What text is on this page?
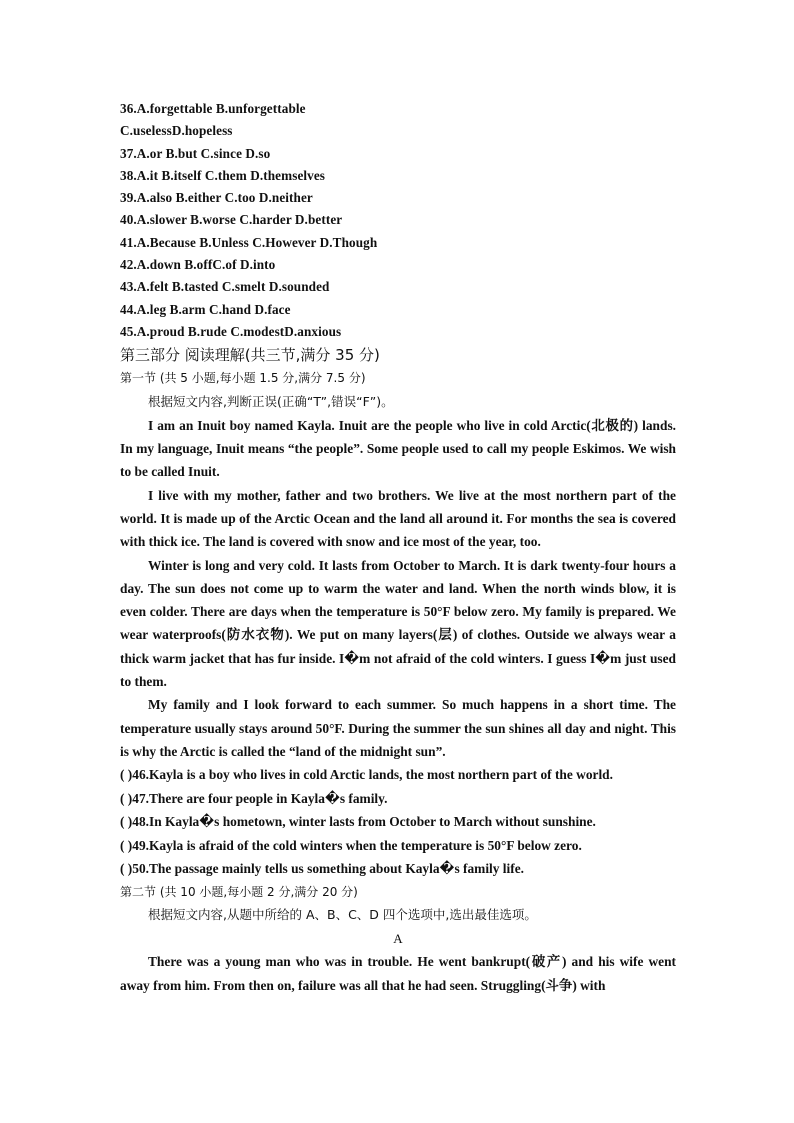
36.A.forgettable B.unforgettable
C.uselessD.hopeless
37.A.or B.but C.since D.so
38.A.it B.itself C.them D.themselves
39.A.also B.either C.too D.neither
40.A.slower B.worse C.harder D.better
41.A.Because B.Unless C.However D.Though
42.A.down B.offC.of D.into
43.A.felt B.tasted C.smelt D.sounded
44.A.leg B.arm C.hand D.face
45.A.proud B.rude C.modestD.anxious
第三部分 阅读理解(共三节,满分 35 分)
第一节 (共 5 小题,每小题 1.5 分,满分 7.5 分)
根据短文内容,判断正误(正确“T”,错误“F”)。

I am an Inuit boy named Kayla. Inuit are the people who live in cold Arctic(北极的) lands. In my language, Inuit means “the people”. Some people used to call my people Eskimos. We wish to be called Inuit.

I live with my mother, father and two brothers. We live at the most northern part of the world. It is made up of the Arctic Ocean and the land all around it. For months the sea is covered with thick ice. The land is covered with snow and ice most of the year, too.

Winter is long and very cold. It lasts from October to March. It is dark twenty-four hours a day. The sun does not come up to warm the water and land. When the north winds blow, it is even colder. There are days when the temperature is 50°F below zero. My family is prepared. We wear waterproofs(防水衣物). We put on many layers(层) of clothes. Outside we always wear a thick warm jacket that has fur inside. I�m not afraid of the cold winters. I guess I�m just used to them.

My family and I look forward to each summer. So much happens in a short time. The temperature usually stays around 50°F. During the summer the sun shines all day and night. This is why the Arctic is called the “land of the midnight sun”.

( )46.Kayla is a boy who lives in cold Arctic lands, the most northern part of the world.

( )47.There are four people in Kayla�s family.

( )48.In Kayla�s hometown, winter lasts from October to March without sunshine.

( )49.Kayla is afraid of the cold winters when the temperature is 50°F below zero.

( )50.The passage mainly tells us something about Kayla�s family life.

第二节 (共 10 小题,每小题 2 分,满分 20 分)
根据短文内容,从题中所给的 A、B、C、D 四个选项中,选出最佳选项。
A

There was a young man who was in trouble. He went bankrupt(破产) and his wife went away from him. From then on, failure was all that he had seen. Struggling(斗争) with
